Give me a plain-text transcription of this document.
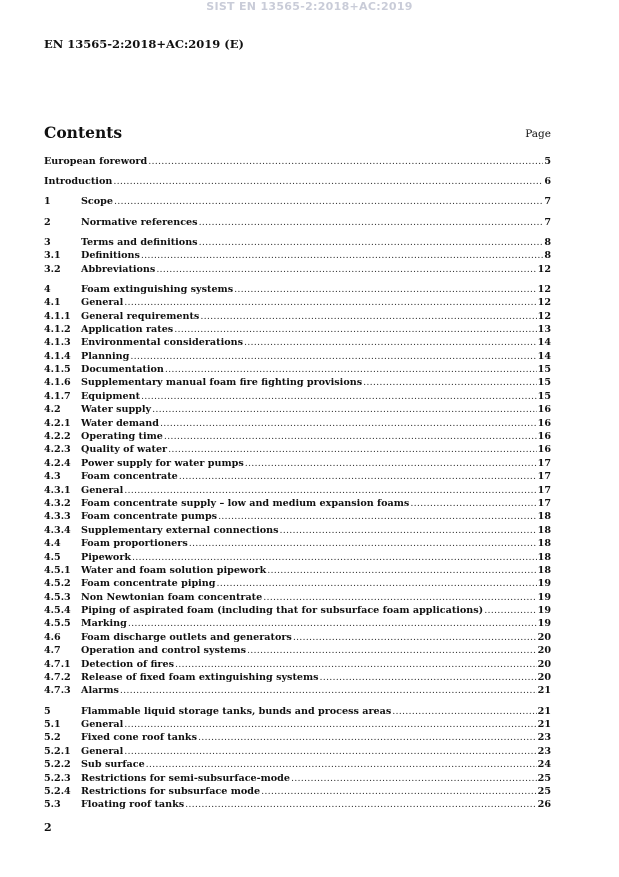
SIST EN 13565-2:2018+AC:2019
EN 13565-2:2018+AC:2019 (E)
Contents	Page
European foreword .....	5
Introduction .....	6
1	Scope .....	7
2	Normative references .....	7
3	Terms and definitions .....	8
3.1	Definitions .....	8
3.2	Abbreviations .....	12
4	Foam extinguishing systems .....	12
4.1	General .....	12
4.1.1	General requirements .....	12
4.1.2	Application rates .....	13
4.1.3	Environmental considerations .....	14
4.1.4	Planning .....	14
4.1.5	Documentation .....	15
4.1.6	Supplementary manual foam fire fighting provisions .....	15
4.1.7	Equipment .....	15
4.2	Water supply .....	16
4.2.1	Water demand .....	16
4.2.2	Operating time .....	16
4.2.3	Quality of water .....	16
4.2.4	Power supply for water pumps .....	17
4.3	Foam concentrate .....	17
4.3.1	General .....	17
4.3.2	Foam concentrate supply – low and medium expansion foams .....	17
4.3.3	Foam concentrate pumps .....	18
4.3.4	Supplementary external connections .....	18
4.4	Foam proportioners .....	18
4.5	Pipework .....	18
4.5.1	Water and foam solution pipework .....	18
4.5.2	Foam concentrate piping .....	19
4.5.3	Non Newtonian foam concentrate .....	19
4.5.4	Piping of aspirated foam (including that for subsurface foam applications) .....	19
4.5.5	Marking .....	19
4.6	Foam discharge outlets and generators .....	20
4.7	Operation and control systems .....	20
4.7.1	Detection of fires .....	20
4.7.2	Release of fixed foam extinguishing systems .....	20
4.7.3	Alarms .....	21
5	Flammable liquid storage tanks, bunds and process areas .....	21
5.1	General .....	21
5.2	Fixed cone roof tanks .....	23
5.2.1	General .....	23
5.2.2	Sub surface .....	24
5.2.3	Restrictions for semi-subsurface-mode .....	25
5.2.4	Restrictions for subsurface mode .....	25
5.3	Floating roof tanks .....	26
2
